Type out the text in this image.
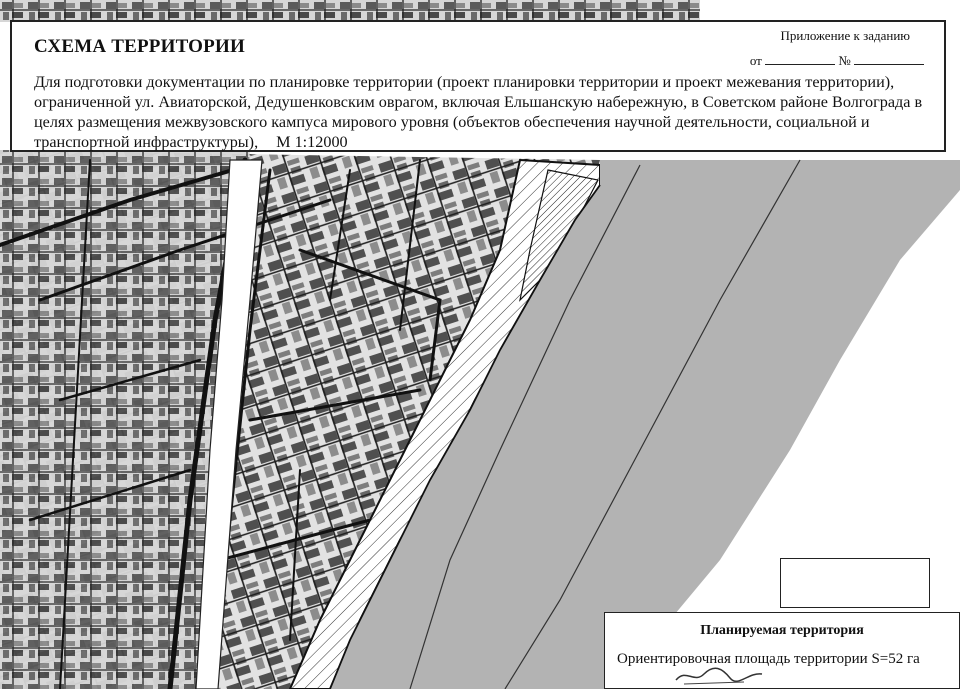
СХЕМА ТЕРРИТОРИИ
Приложение к заданию
от	№
Для подготовки документации по планировке территории (проект планировки территории и проект межевания территории), ограниченной ул. Авиаторской, Дедушенковским оврагом, включая Ельшанскую набережную, в Советском районе Волгограда в целях размещения межвузовского кампуса мирового уровня (объектов обеспечения научной деятельности, социальной и транспортной инфраструктуры), М 1:12000
Планируемая территория
Ориентировочная площадь территории S=52 га
